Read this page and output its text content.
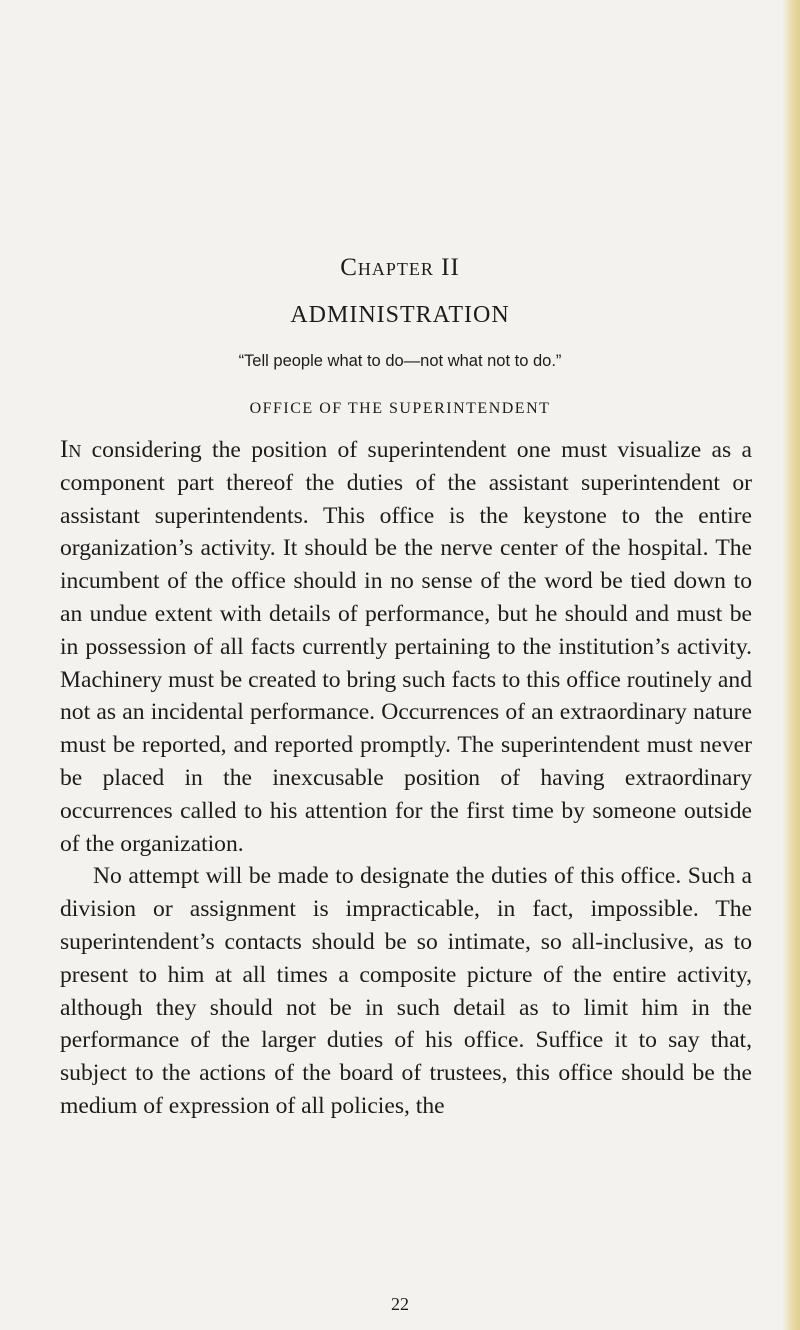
Chapter II
ADMINISTRATION
“Tell people what to do—not what not to do.”
OFFICE OF THE SUPERINTENDENT

In considering the position of superintendent one must visualize as a component part thereof the duties of the assistant superintendent or assistant superintendents. This office is the keystone to the entire organization’s activity. It should be the nerve center of the hospital. The incumbent of the office should in no sense of the word be tied down to an undue extent with details of performance, but he should and must be in possession of all facts currently pertaining to the institution’s activity. Machinery must be created to bring such facts to this office routinely and not as an incidental performance. Occurrences of an extraordinary nature must be reported, and reported promptly. The superintendent must never be placed in the inexcusable position of having extraordinary occurrences called to his attention for the first time by someone outside of the organization.

No attempt will be made to designate the duties of this office. Such a division or assignment is impracticable, in fact, impossible. The superintendent’s contacts should be so intimate, so all-inclusive, as to present to him at all times a composite picture of the entire activity, although they should not be in such detail as to limit him in the performance of the larger duties of his office. Suffice it to say that, subject to the actions of the board of trustees, this office should be the medium of expression of all policies, the

22
